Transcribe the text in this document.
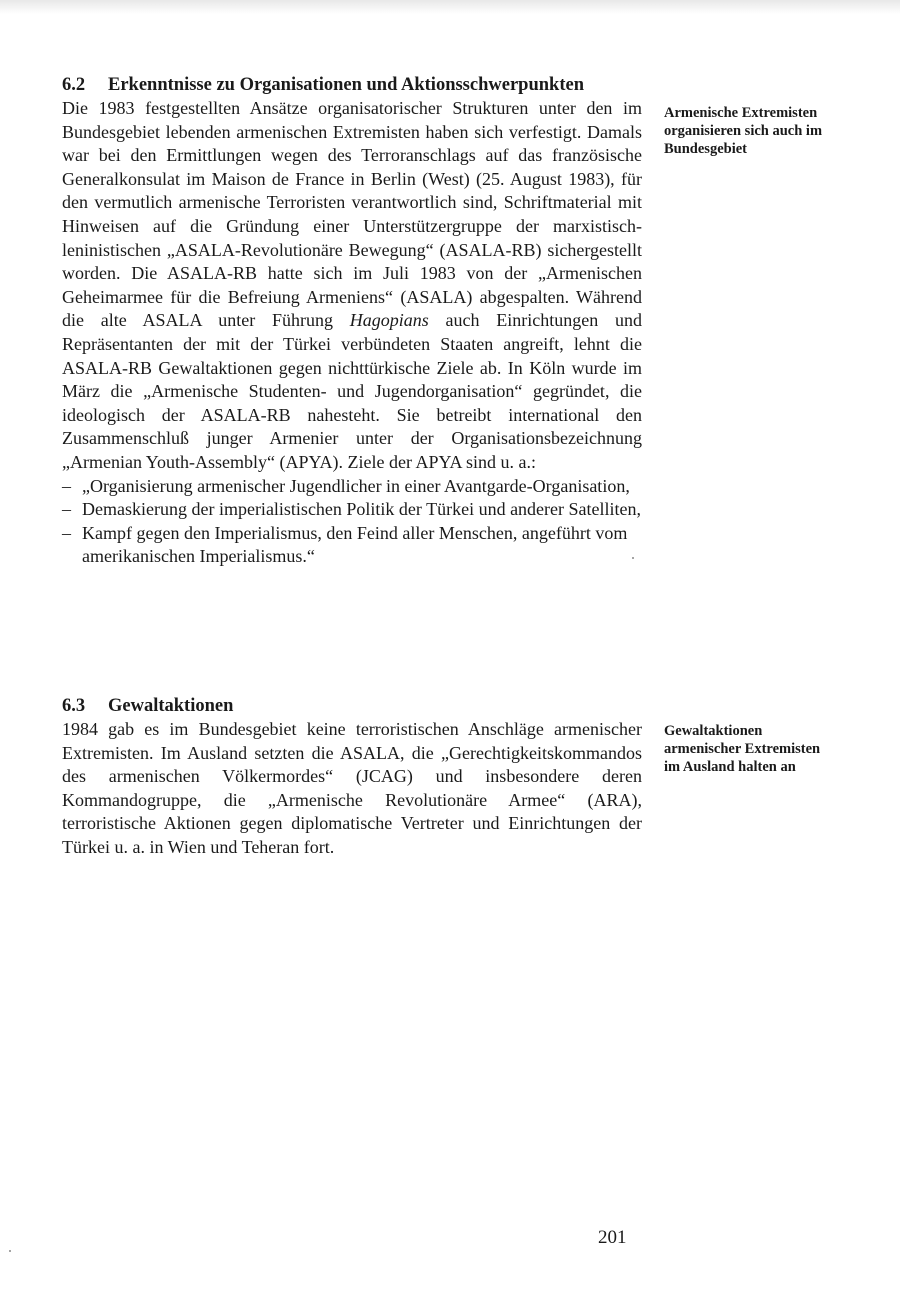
6.2 Erkenntnisse zu Organisationen und Aktionsschwerpunkten

Die 1983 festgestellten Ansätze organisatorischer Strukturen unter den im Bundesgebiet lebenden armenischen Extremisten haben sich verfestigt. Damals war bei den Ermittlungen wegen des Terroranschlags auf das französische Generalkonsulat im Maison de France in Berlin (West) (25. August 1983), für den vermutlich armenische Terroristen verantwortlich sind, Schriftmaterial mit Hinweisen auf die Gründung einer Unterstützergruppe der marxistisch-leninistischen „ASALA-Revolutionäre Bewegung“ (ASALA-RB) sichergestellt worden. Die ASALA-RB hatte sich im Juli 1983 von der „Armenischen Geheimarmee für die Befreiung Armeniens“ (ASALA) abgespalten. Während die alte ASALA unter Führung Hagopians auch Einrichtungen und Repräsentanten der mit der Türkei verbündeten Staaten angreift, lehnt die ASALA-RB Gewaltaktionen gegen nichttürkische Ziele ab. In Köln wurde im März die „Armenische Studenten- und Jugendorganisation“ gegründet, die ideologisch der ASALA-RB nahesteht. Sie betreibt international den Zusammenschluß junger Armenier unter der Organisationsbezeichnung „Armenian Youth-Assembly“ (APYA). Ziele der APYA sind u. a.:

– „Organisierung armenischer Jugendlicher in einer Avantgarde-Organisation,
– Demaskierung der imperialistischen Politik der Türkei und anderer Satelliten,
– Kampf gegen den Imperialismus, den Feind aller Menschen, angeführt vom amerikanischen Imperialismus.“

Armenische Extremisten organisieren sich auch im Bundesgebiet

6.3 Gewaltaktionen

1984 gab es im Bundesgebiet keine terroristischen Anschläge armenischer Extremisten. Im Ausland setzten die ASALA, die „Gerechtigkeitskommandos des armenischen Völkermordes“ (JCAG) und insbesondere deren Kommandogruppe, die „Armenische Revolutionäre Armee“ (ARA), terroristische Aktionen gegen diplomatische Vertreter und Einrichtungen der Türkei u. a. in Wien und Teheran fort.

Gewaltaktionen armenischer Extremisten im Ausland halten an

201
